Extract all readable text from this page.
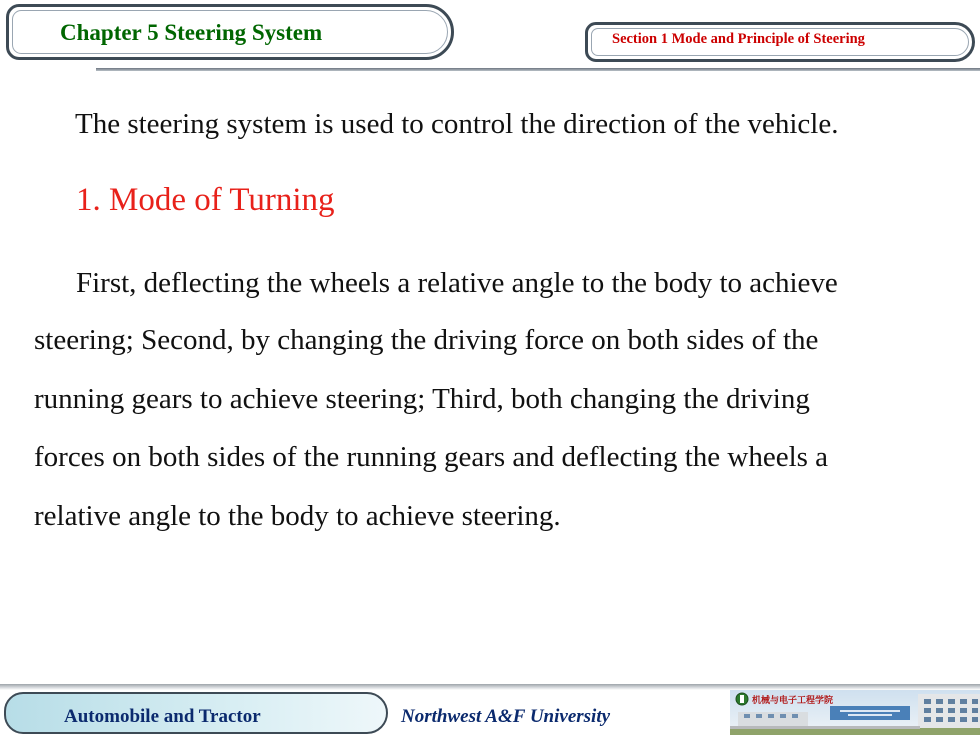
Chapter 5 Steering System	Section 1 Mode and Principle of Steering
The steering system is used to control the direction of the vehicle.
1. Mode of Turning
First, deflecting the wheels a relative angle to the body to achieve
steering; Second, by changing the driving force on both sides of the
running gears to achieve steering; Third, both changing the driving
forces on both sides of the running gears and deflecting the wheels a
relative angle to the body to achieve steering.
Automobile and Tractor	Northwest A&F University
机械与电子工程学院
